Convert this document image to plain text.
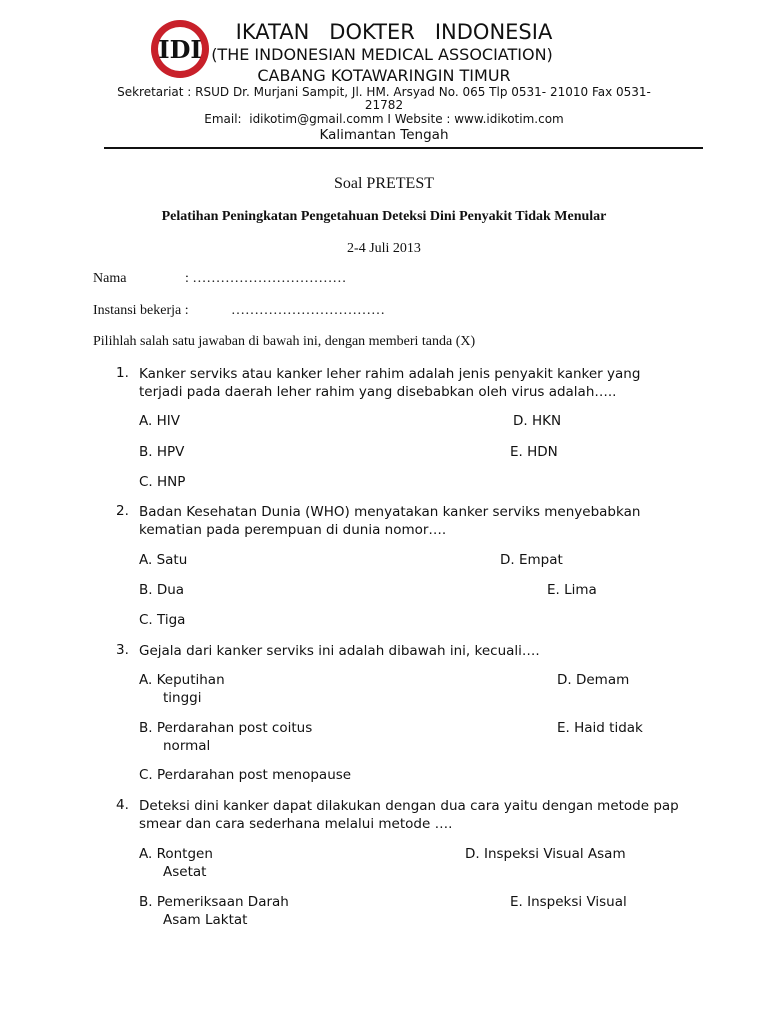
IDI
IKATAN   DOKTER   INDONESIA
(THE INDONESIAN MEDICAL ASSOCIATION)
CABANG KOTAWARINGIN TIMUR
Sekretariat : RSUD Dr. Murjani Sampit, Jl. HM. Arsyad No. 065 Tlp 0531- 21010 Fax 0531-
21782
Email:  idikotim@gmail.comm I Website : www.idikotim.com
Kalimantan Tengah
Soal PRETEST
Pelatihan Peningkatan Pengetahuan Deteksi Dini Penyakit Tidak Menular
2-4 Juli 2013
Nama	: ……………………………
Instansi bekerja :	……………………………
Pilihlah salah satu jawaban di bawah ini, dengan memberi tanda (X)
1. Kanker serviks atau kanker leher rahim adalah jenis penyakit kanker yang terjadi pada daerah leher rahim yang disebabkan oleh virus adalah…..
A. HIV
B. HPV
C. HNP
D. HKN
E. HDN
2. Badan Kesehatan Dunia (WHO) menyatakan kanker serviks menyebabkan kematian pada perempuan di dunia nomor….
A. Satu
B. Dua
C. Tiga
D. Empat
E. Lima
3. Gejala dari kanker serviks ini adalah dibawah ini, kecuali….
A. Keputihan
tinggi
B. Perdarahan post coitus
normal
C. Perdarahan post menopause
D. Demam
E. Haid tidak
4. Deteksi dini kanker dapat dilakukan dengan dua cara yaitu dengan metode pap smear dan cara sederhana melalui metode ….
A. Rontgen
Asetat
B. Pemeriksaan Darah
Asam Laktat
D. Inspeksi Visual Asam
E. Inspeksi Visual
